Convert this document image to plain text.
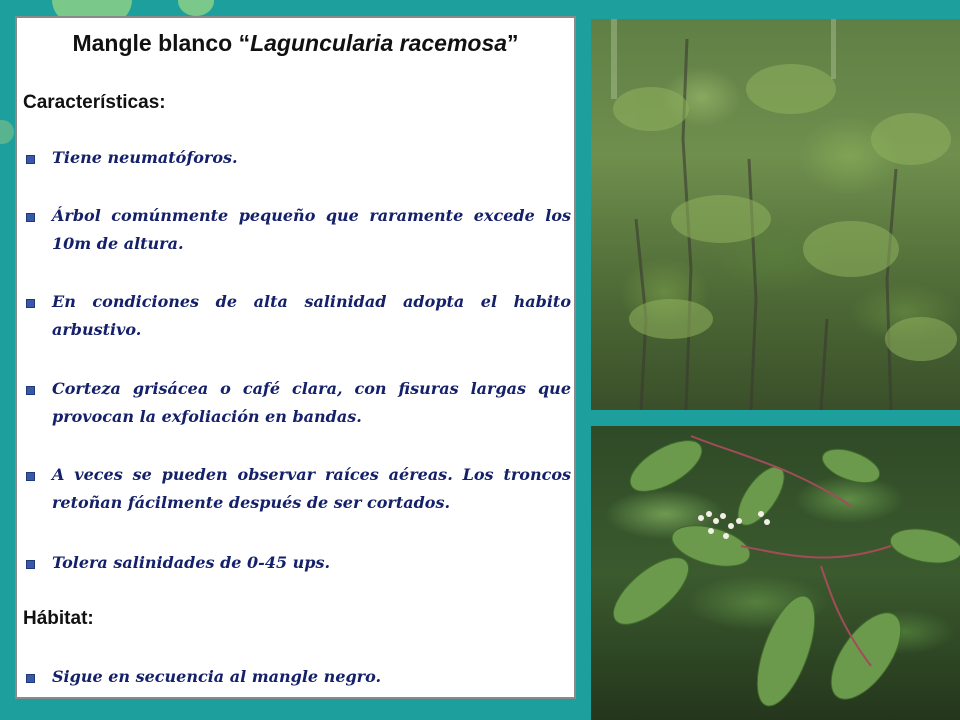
Mangle blanco “Laguncularia racemosa”
Características:
Tiene neumatóforos.
Árbol comúnmente pequeño que raramente excede los 10m de altura.
En condiciones de alta salinidad adopta el habito arbustivo.
Corteza grisácea o café clara, con fisuras largas que provocan la exfoliación en bandas.
A veces se pueden observar raíces aéreas. Los troncos retoñan fácilmente después de ser cortados.
Tolera salinidades de 0-45 ups.
Hábitat:
Sigue en secuencia al mangle negro.
